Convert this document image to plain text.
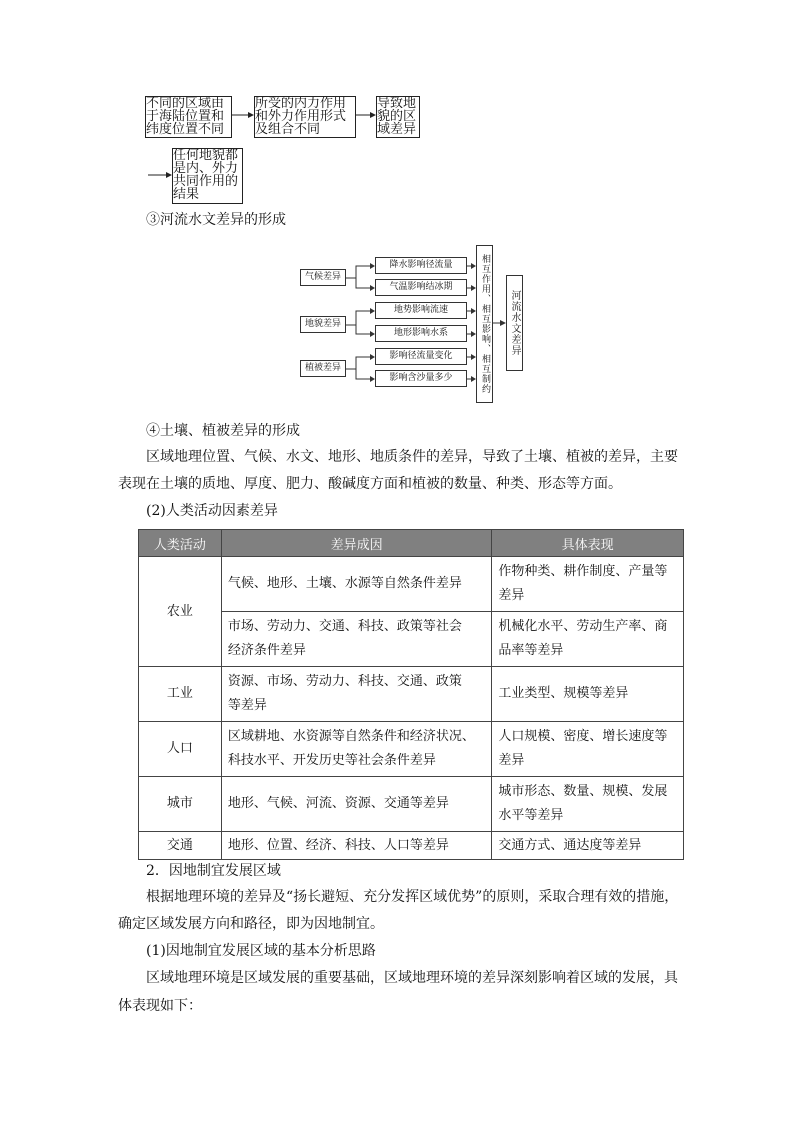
不同的区域由
于海陆位置和
纬度位置不同
所受的内力作用
和外力作用形式
及组合不同
导致地
貌的区
域差异
任何地貌都
是内、外力
共同作用的
结果
③河流水文差异的形成
气候差异
地貌差异
植被差异
降水影响径流量
气温影响结冰期
地势影响流速
地形影响水系
影响径流量变化
影响含沙量多少	相互作用、相互影响、相互制约	河流水文差异
④土壤、植被差异的形成
区域地理位置、气候、水文、地形、地质条件的差异，导致了土壤、植被的差异，主要
表现在土壤的质地、厚度、肥力、酸碱度方面和植被的数量、种类、形态等方面。
(2)人类活动因素差异
人类活动	差异成因	具体表现
农业	气候、地形、土壤、水源等自然条件差异	作物种类、耕作制度、产量等
差异
	市场、劳动力、交通、科技、政策等社会
经济条件差异	机械化水平、劳动生产率、商
品率等差异
工业	资源、市场、劳动力、科技、交通、政策
等差异	工业类型、规模等差异
人口	区域耕地、水资源等自然条件和经济状况、
科技水平、开发历史等社会条件差异	人口规模、密度、增长速度等
差异
城市	地形、气候、河流、资源、交通等差异	城市形态、数量、规模、发展
水平等差异
交通	地形、位置、经济、科技、人口等差异	交通方式、通达度等差异
2．因地制宜发展区域
根据地理环境的差异及“扬长避短、充分发挥区域优势”的原则，采取合理有效的措施，
确定区域发展方向和路径，即为因地制宜。
(1)因地制宜发展区域的基本分析思路
区域地理环境是区域发展的重要基础，区域地理环境的差异深刻影响着区域的发展，具
体表现如下：
